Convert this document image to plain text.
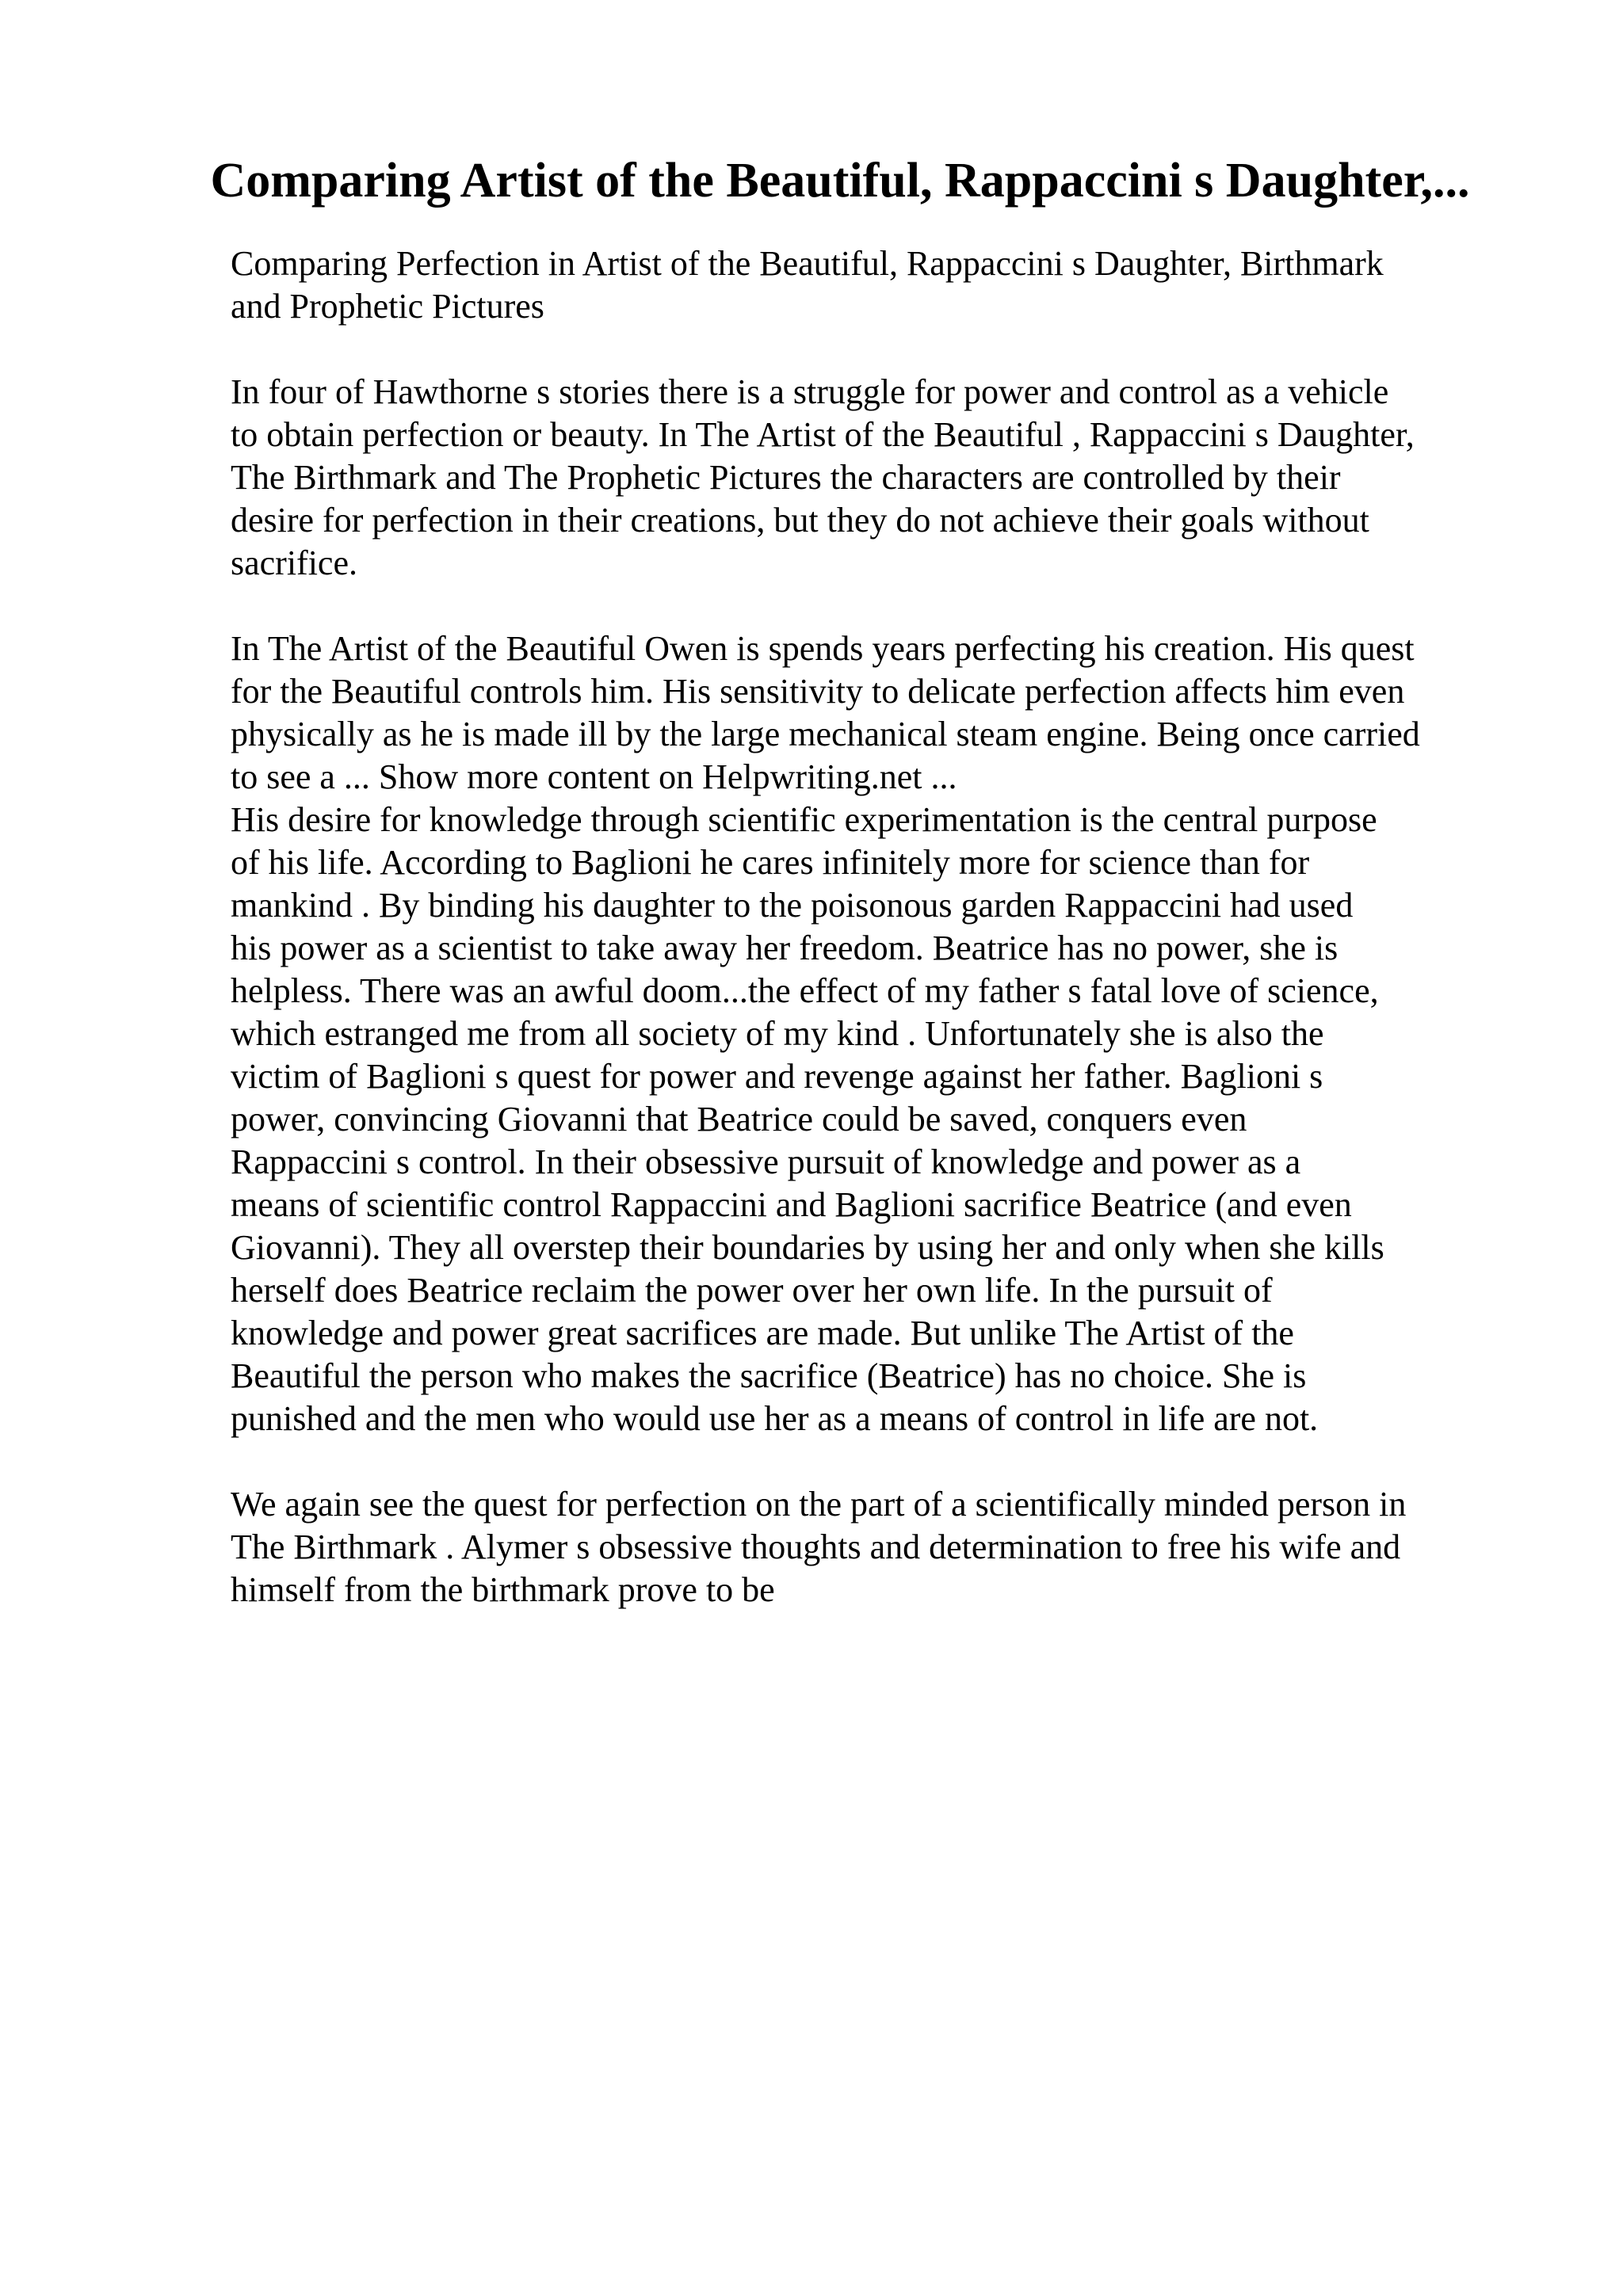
Comparing Artist of the Beautiful, Rappaccini s Daughter,...

Comparing Perfection in Artist of the Beautiful, Rappaccini s Daughter, Birthmark
and Prophetic Pictures

In four of Hawthorne s stories there is a struggle for power and control as a vehicle
to obtain perfection or beauty. In The Artist of the Beautiful , Rappaccini s Daughter,
The Birthmark and The Prophetic Pictures the characters are controlled by their
desire for perfection in their creations, but they do not achieve their goals without
sacrifice.

In The Artist of the Beautiful Owen is spends years perfecting his creation. His quest
for the Beautiful controls him. His sensitivity to delicate perfection affects him even
physically as he is made ill by the large mechanical steam engine. Being once carried
to see a ... Show more content on Helpwriting.net ...

His desire for knowledge through scientific experimentation is the central purpose
of his life. According to Baglioni he cares infinitely more for science than for
mankind . By binding his daughter to the poisonous garden Rappaccini had used
his power as a scientist to take away her freedom. Beatrice has no power, she is
helpless. There was an awful doom...the effect of my father s fatal love of science,
which estranged me from all society of my kind . Unfortunately she is also the
victim of Baglioni s quest for power and revenge against her father. Baglioni s
power, convincing Giovanni that Beatrice could be saved, conquers even
Rappaccini s control. In their obsessive pursuit of knowledge and power as a
means of scientific control Rappaccini and Baglioni sacrifice Beatrice (and even
Giovanni). They all overstep their boundaries by using her and only when she kills
herself does Beatrice reclaim the power over her own life. In the pursuit of
knowledge and power great sacrifices are made. But unlike The Artist of the
Beautiful the person who makes the sacrifice (Beatrice) has no choice. She is
punished and the men who would use her as a means of control in life are not.

We again see the quest for perfection on the part of a scientifically minded person in
The Birthmark . Alymer s obsessive thoughts and determination to free his wife and
himself from the birthmark prove to be
